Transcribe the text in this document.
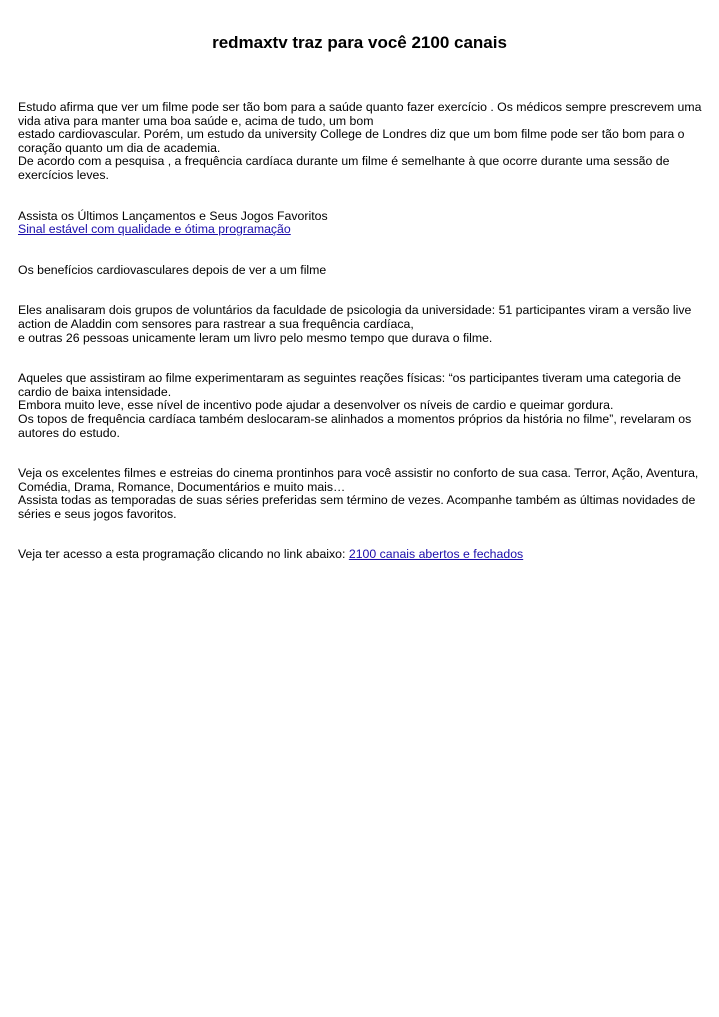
redmaxtv traz para você 2100 canais

Estudo afirma que ver um filme pode ser tão bom para a saúde quanto fazer exercício . Os médicos sempre prescrevem uma
vida ativa para manter uma boa saúde e, acima de tudo, um bom
estado cardiovascular. Porém, um estudo da university College de Londres diz que um bom filme pode ser tão bom para o
coração quanto um dia de academia.
De acordo com a pesquisa , a frequência cardíaca durante um filme é semelhante à que ocorre durante uma sessão de
exercícios leves.

Assista os Últimos Lançamentos e Seus Jogos Favoritos
Sinal estável com qualidade e ótima programação

Os benefícios cardiovasculares depois de ver a um filme

Eles analisaram dois grupos de voluntários da faculdade de psicologia da universidade: 51 participantes viram a versão live
action de Aladdin com sensores para rastrear a sua frequência cardíaca,
e outras 26 pessoas unicamente leram um livro pelo mesmo tempo que durava o filme.

Aqueles que assistiram ao filme experimentaram as seguintes reações físicas: “os participantes tiveram uma categoria de
cardio de baixa intensidade.
Embora muito leve, esse nível de incentivo pode ajudar a desenvolver os níveis de cardio e queimar gordura.
Os topos de frequência cardíaca também deslocaram-se alinhados a momentos próprios da história no filme”, revelaram os
autores do estudo.

Veja os excelentes filmes e estreias do cinema prontinhos para você assistir no conforto de sua casa. Terror, Ação, Aventura,
Comédia, Drama, Romance, Documentários e muito mais…
Assista todas as temporadas de suas séries preferidas sem término de vezes. Acompanhe também as últimas novidades de
séries e seus jogos favoritos.

Veja ter acesso a esta programação clicando no link abaixo: 2100 canais abertos e fechados
